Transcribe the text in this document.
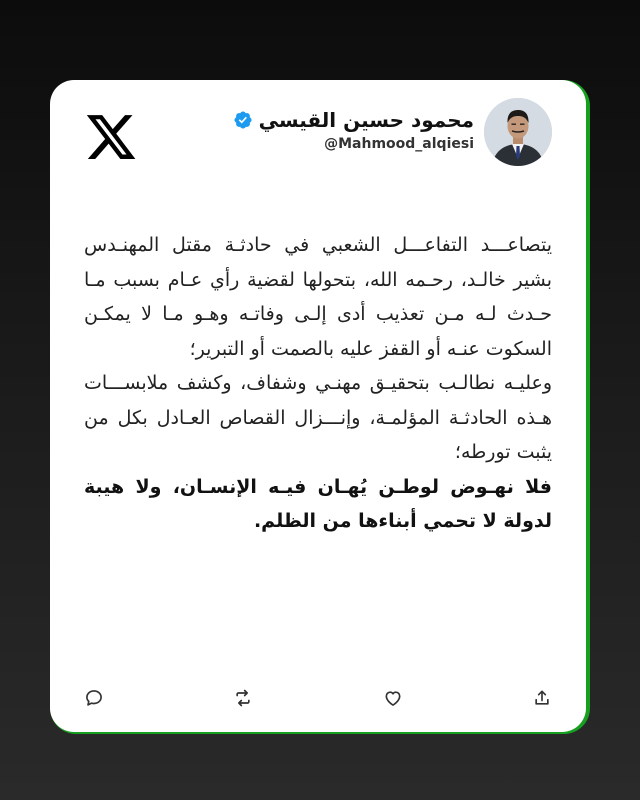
محمود حسين القيسي
@Mahmood_alqiesi

يتصاعـــد التفاعـــل الشعبي في حادثـة مقتل المهنـدس بشير خالـد، رحـمه الله، بتحولها لقضية رأي عـام بسبب مـا حـدث لـه مـن تعذيب أدى إلـى وفاتـه وهـو مـا لا يمكـن السكوت عنـه أو القفز عليه بالصمت أو التبرير؛

وعليـه نطالـب بتحقيـق مهنـي وشفاف، وكشف ملابســـات هـذه الحادثـة المؤلمـة، وإنـــزال القصاص العـادل بكل من يثبت تورطه؛

فلا نهـوض لوطـن يُهـان فيـه الإنسـان، ولا هيبة لدولة لا تحمي أبناءها من الظلم.
